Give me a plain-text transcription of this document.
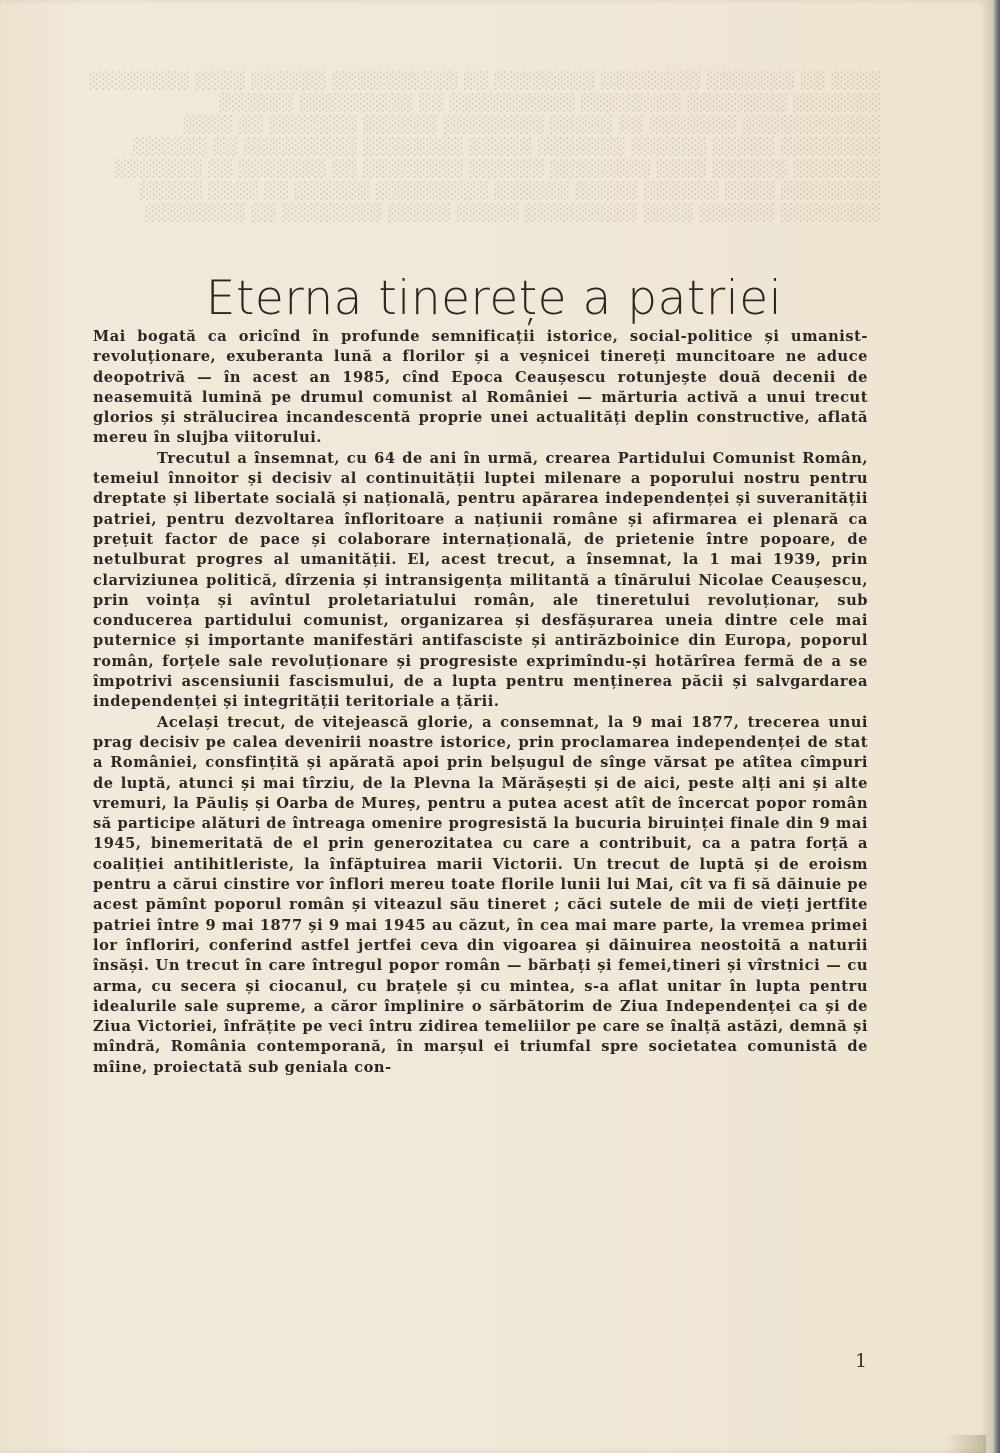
░░░░ ░░ ░░░░░░░ ░░░░░░░░ ░░░░░░░░ ░░ ░░░░░░░░░░ ░░░░░░ ░░░░ ░░░░░░░░ ░░░░░░░ ░░░░░░░░ ░░░░░░░░ ░░░░░░░░░░ ░░ ░░░░░░░░░ ░░░░░░ ░░░░░░░░░░░ ░░░░░░░ ░░ ░░░░░ ░░░░░░░░ ░░░░░░ ░░░░░░░ ░░ ░░░░ ░░░░░░░░ ░░░░░ ░░░░░░ ░░░░░░░ ░░░░░ ░░░░░░░░ ░░░░░░░░░ ░░ ░░░░░░ ░░░░░░░ ░░░░░░ ░░░░ ░░░░░░░░ ░░░░░░ ░░░░░░░░ ░░ ░░░░░░░ ░░ ░░░░░░░ ░░░░░░░░ ░░░░ ░░░░░░ ░░░░░ ░░░░░░ ░░░░░░░░░ ░░░░░░ ░░ ░░░░ ░░░░░ ░░░░░░░░ ░░░░░░ ░░░░ ░░░░░░░░░ ░░░░░ ░░░░░ ░░░░░░░░ ░░ ░░░░░░░░
Eterna tinerețe a patriei

Mai bogată ca oricînd în profunde semnificații istorice, social-politice și umanist-revoluționare, exuberanta lună a florilor și a veșnicei tinereți muncitoare ne aduce deopotrivă — în acest an 1985, cînd Epoca Ceaușescu rotunjește două decenii de neasemuită lumină pe drumul comunist al României — mărturia activă a unui trecut glorios și strălucirea incandescentă proprie unei actualități deplin constructive, aflată mereu în slujba viitorului.

Trecutul a însemnat, cu 64 de ani în urmă, crearea Partidului Comunist Român, temeiul înnoitor și decisiv al continuității luptei milenare a poporului nostru pentru dreptate și libertate socială și națională, pentru apărarea independenței și suveranității patriei, pentru dezvoltarea înfloritoare a națiunii române și afirmarea ei plenară ca prețuit factor de pace și colaborare internațională, de prietenie între popoare, de netulburat progres al umanității. El, acest trecut, a însemnat, la 1 mai 1939, prin clarviziunea politică, dîrzenia și intransigența militantă a tînărului Nicolae Ceaușescu, prin voința și avîntul proletariatului român, ale tineretului revoluționar, sub conducerea partidului comunist, organizarea și desfășurarea uneia dintre cele mai puternice și importante manifestări antifasciste și antirăzboinice din Europa, poporul român, forțele sale revoluționare și progresiste exprimîndu-și hotărîrea fermă de a se împotrivi ascensiunii fascismului, de a lupta pentru menținerea păcii și salvgardarea independenței și integrității teritoriale a țării.

Același trecut, de vitejească glorie, a consemnat, la 9 mai 1877, trecerea unui prag decisiv pe calea devenirii noastre istorice, prin proclamarea independenței de stat a României, consfințită și apărată apoi prin belșugul de sînge vărsat pe atîtea cîmpuri de luptă, atunci și mai tîrziu, de la Plevna la Mărășești și de aici, peste alți ani și alte vremuri, la Păuliș și Oarba de Mureș, pentru a putea acest atît de încercat popor român să participe alături de întreaga omenire progresistă la bucuria biruinței finale din 9 mai 1945, binemeritată de el prin generozitatea cu care a contribuit, ca a patra forță a coaliției antihitleriste, la înfăptuirea marii Victorii. Un trecut de luptă și de eroism pentru a cărui cinstire vor înflori mereu toate florile lunii lui Mai, cît va fi să dăinuie pe acest pămînt poporul român și viteazul său tineret ; căci sutele de mii de vieți jertfite patriei între 9 mai 1877 și 9 mai 1945 au căzut, în cea mai mare parte, la vremea primei lor înfloriri, conferind astfel jertfei ceva din vigoarea și dăinuirea neostoită a naturii însăși. Un trecut în care întregul popor român — bărbați și femei,tineri și vîrstnici — cu arma, cu secera și ciocanul, cu brațele și cu mintea, s-a aflat unitar în lupta pentru idealurile sale supreme, a căror împlinire o sărbătorim de Ziua Independenței ca și de Ziua Victoriei, înfrățite pe veci întru zidirea temeliilor pe care se înalță astăzi, demnă și mîndră, România contemporană, în marșul ei triumfal spre societatea comunistă de mîine, proiectată sub geniala con-

1
